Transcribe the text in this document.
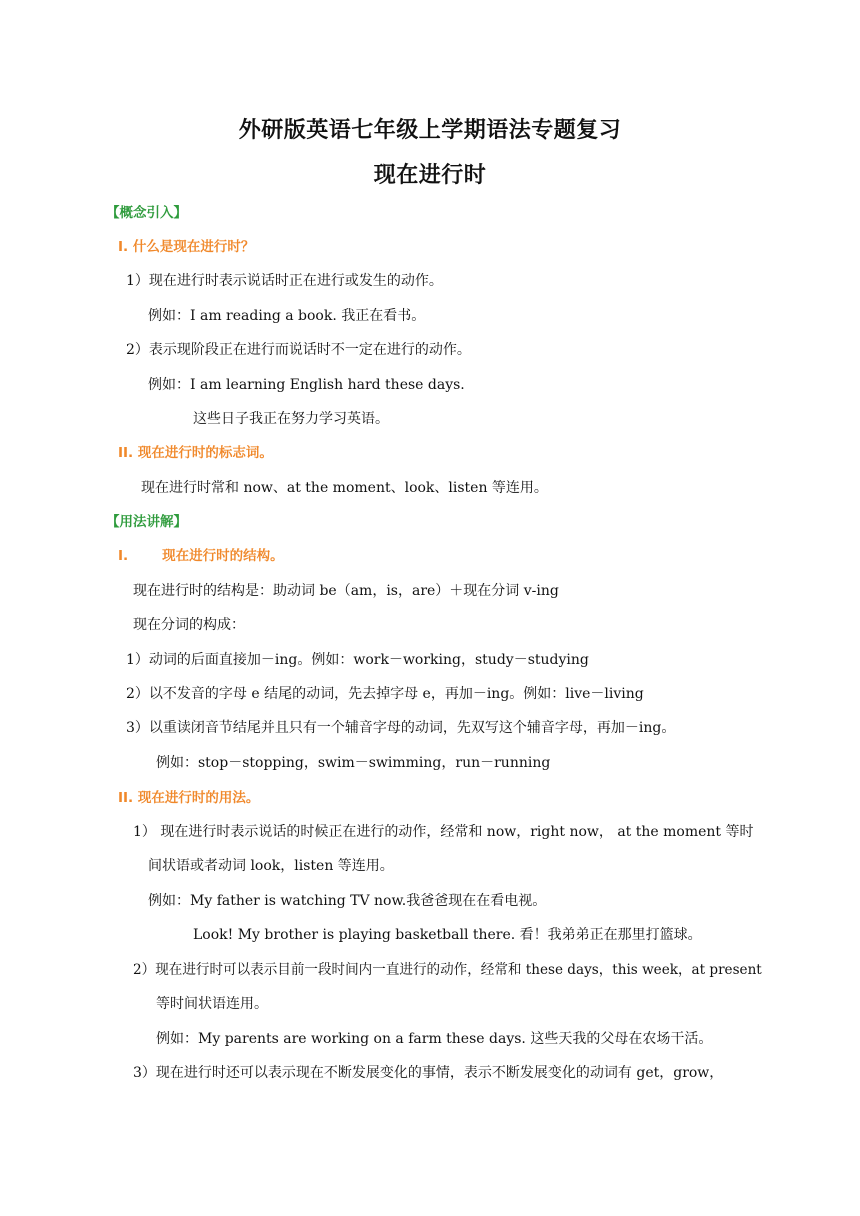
外研版英语七年级上学期语法专题复习
现在进行时
【概念引入】
I. 什么是现在进行时？
1）现在进行时表示说话时正在进行或发生的动作。
例如：I am reading a book. 我正在看书。
2）表示现阶段正在进行而说话时不一定在进行的动作。
例如：I am learning English hard these days.
这些日子我正在努力学习英语。
II. 现在进行时的标志词。
现在进行时常和 now、at the moment、look、listen 等连用。
【用法讲解】
I.	现在进行时的结构。
现在进行时的结构是：助动词 be（am，is，are）＋现在分词 v-ing
现在分词的构成：
1）动词的后面直接加－ing。例如：work－working，study－studying
2）以不发音的字母 e 结尾的动词，先去掉字母 e，再加－ing。例如：live－living
3）以重读闭音节结尾并且只有一个辅音字母的动词，先双写这个辅音字母，再加－ing。
例如：stop－stopping，swim－swimming，run－running
II. 现在进行时的用法。
1） 现在进行时表示说话的时候正在进行的动作，经常和 now，right now， at the moment 等时
间状语或者动词 look，listen 等连用。
例如：My father is watching TV now.我爸爸现在在看电视。
Look! My brother is playing basketball there. 看！我弟弟正在那里打篮球。
2）现在进行时可以表示目前一段时间内一直进行的动作，经常和 these days，this week，at present
等时间状语连用。
例如：My parents are working on a farm these days. 这些天我的父母在农场干活。
3）现在进行时还可以表示现在不断发展变化的事情，表示不断发展变化的动词有 get，grow，
